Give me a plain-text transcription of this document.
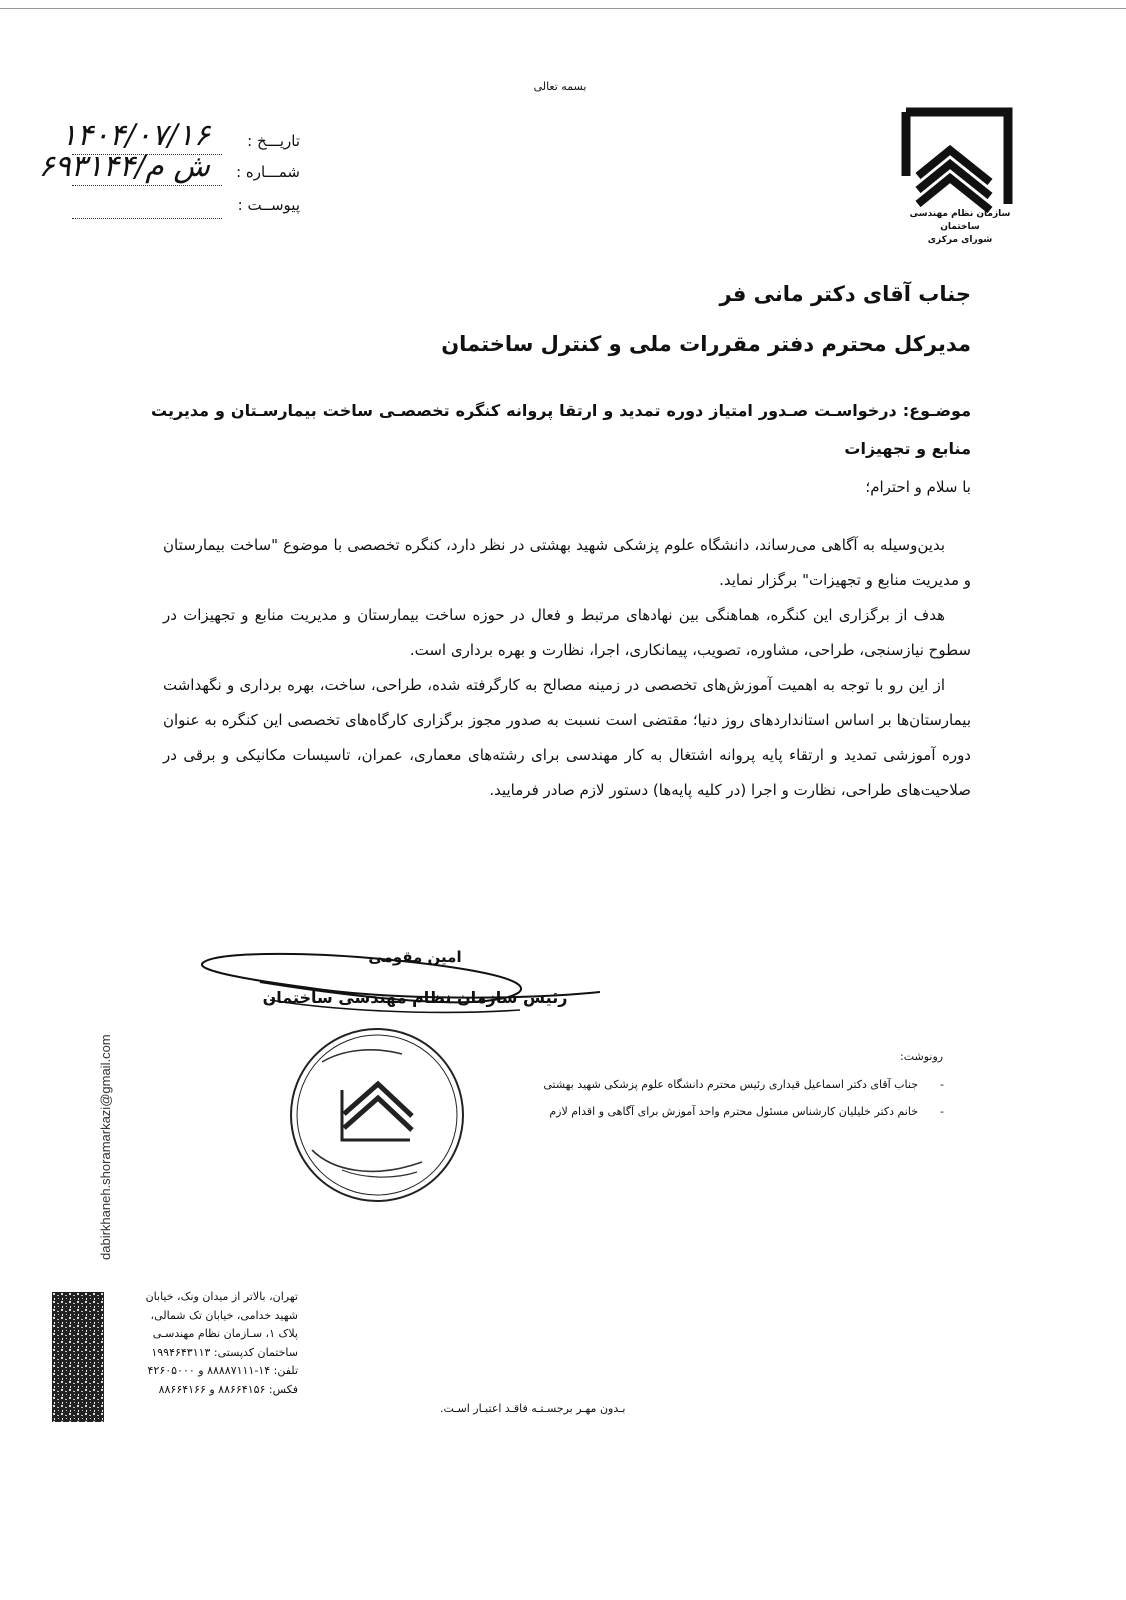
بسمه تعالی
سازمان نظام مهندسی ساختمان
شورای مرکزی
تاریـــخ :
۱۴۰۴/۰۷/۱۶
شمـــاره :
۶۹۳۱۴۴/ش م
پیوســت :
جناب آقای دکتر مانی فر
مدیرکل محترم دفتر مقررات ملی و کنترل ساختمان
موضـوع:درخواسـت صـدور امتیاز دوره تمدید و ارتقا پروانه کنگره تخصصـی ساخت بیمارسـتان و مدیریت منابع و تجهیزات
با سلام و احترام؛

بدین‌وسیله به آگاهی می‌رساند، دانشگاه علوم پزشکی شهید بهشتی در نظر دارد، کنگره تخصصی با موضوع "ساخت بیمارستان و مدیریت منابع و تجهیزات" برگزار نماید.

هدف از برگزاری این کنگره، هماهنگی بین نهادهای مرتبط و فعال در حوزه ساخت بیمارستان و مدیریت منابع و تجهیزات در سطوح نیازسنجی، طراحی، مشاوره، تصویب، پیمانکاری، اجرا، نظارت و بهره برداری است.

از این رو با توجه به اهمیت آموزش‌های تخصصی در زمینه مصالح به کارگرفته شده، طراحی، ساخت، بهره برداری و نگهداشت بیمارستان‌ها بر اساس استانداردهای روز دنیا؛ مقتضی است نسبت به صدور مجوز برگزاری کارگاه‌های تخصصی این کنگره به عنوان دوره آموزشی تمدید و ارتقاء پایه پروانه اشتغال به کار مهندسی برای رشته‌های معماری، عمران، تاسیسات مکانیکی و برقی در صلاحیت‌های طراحی، نظارت و اجرا (در کلیه پایه‌ها) دستور لازم صادر فرمایید.

امین مقومی
رئیس سازمان نظام مهندسی ساختمان
رونوشت:
-جناب آقای دکتر اسماعیل قیداری رئیس محترم دانشگاه علوم پزشکی شهید بهشتی
-خانم دکتر خلیلیان کارشناس مسئول محترم واحد آموزش برای آگاهی و اقدام لازم
dabirkhaneh.shoramarkazi@gmail.com
تهران، بالاتر از میدان ونک، خیابان
شهید خدامی، خیابان تک شمالی،
پلاک ۱، سـازمان نظام مهندسـی
ساختمان کدپستی: ۱۹۹۴۶۴۳۱۱۳
تلفن: ۱۴-۸۸۸۸۷۱۱۱ و ۴۲۶۰۵۰۰۰
فکس: ۸۸۶۶۴۱۵۶ و ۸۸۶۶۴۱۶۶
بـدون مهـر برجسـتـه فاقـد اعتبـار اسـت.
